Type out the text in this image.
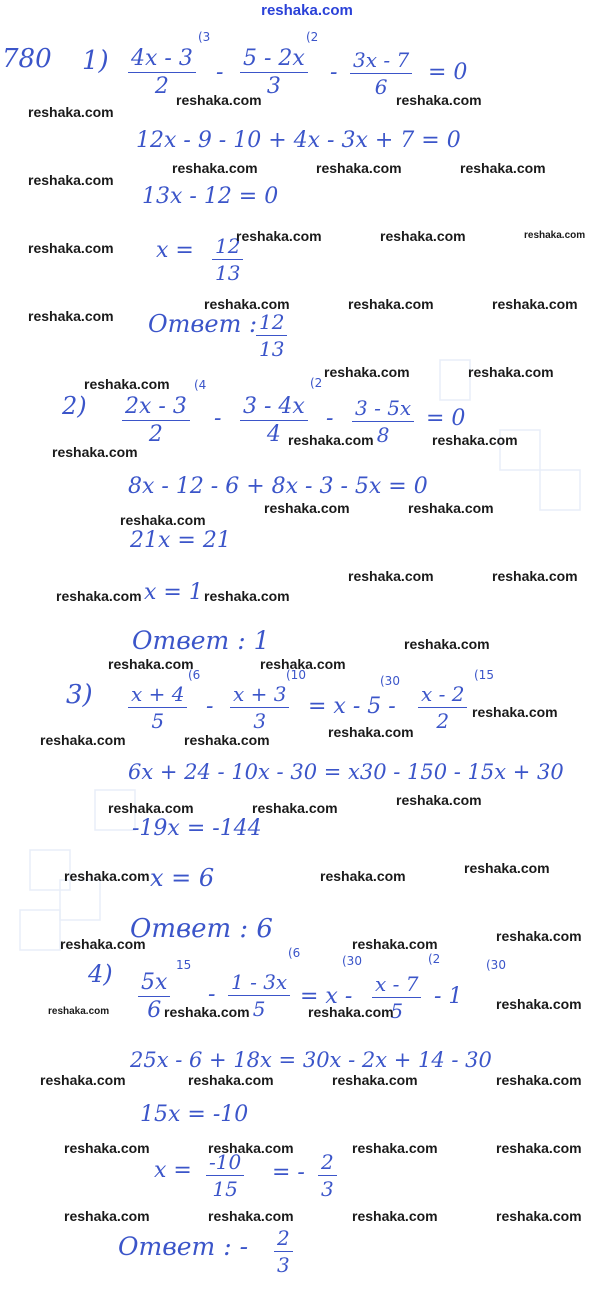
reshaka.com
780 $1) \frac{4x - 3}{2}$
(3
- $\frac{5 - 2x}{3}$
(2
- $\frac{3x - 7}{6} = 0$
12x - 9 - 10 + 4x - 3x + 7 = 0
13x - 12 = 0
$x = \frac{12}{13}$
Ответ :
$\frac{12}{13}$
$2) \frac{2x - 3}{2}$
(4
- $\frac{3 - 4x}{4}$
(2
- $\frac{3 - 5x}{8} = 0$
8x - 12 - 6 + 8x - 3 - 5x = 0
21x = 21
x = 1
Ответ : 1
$3) \frac{x + 4}{5}$
(6
- $\frac{x + 3}{3}$
(10
= x - 5 -
(30
$\frac{x - 2}{2}$
(15
6x + 24 - 10x - 30 = x30 - 150 - 15x + 30
-19x = -144
x = 6
Ответ : 6
$4) \frac{5x}{6}$
15
- $\frac{1 - 3x}{5}$
(6
= x -
(30
$\frac{x - 7}{5}$
(2
- 1
(30
25x - 6 + 18x = 30x - 2x + 14 - 30
15x = -10
$x = \frac{-10}{15}$ = - $\frac{2}{3}$
Ответ : - $\frac{2}{3}$
reshaka.com
reshaka.com	reshaka.com
reshaka.com	reshaka.com	reshaka.com
reshaka.com
reshaka.com	reshaka.com	reshaka.com
reshaka.com
reshaka.com	reshaka.com	reshaka.com
reshaka.com
reshaka.com	reshaka.com
reshaka.com
reshaka.com	reshaka.com
reshaka.com
reshaka.com	reshaka.com
reshaka.com
reshaka.com	reshaka.com
reshaka.com	reshaka.com
reshaka.com
reshaka.com	reshaka.com
reshaka.com
reshaka.com
reshaka.com	reshaka.com
reshaka.com
reshaka.com	reshaka.com
reshaka.com
reshaka.com	reshaka.com
reshaka.com
reshaka.com	reshaka.com
reshaka.com
reshaka.com	reshaka.com	reshaka.com
reshaka.com	reshaka.com	reshaka.com	reshaka.com
reshaka.com	reshaka.com	reshaka.com	reshaka.com
reshaka.com	reshaka.com	reshaka.com	reshaka.com
